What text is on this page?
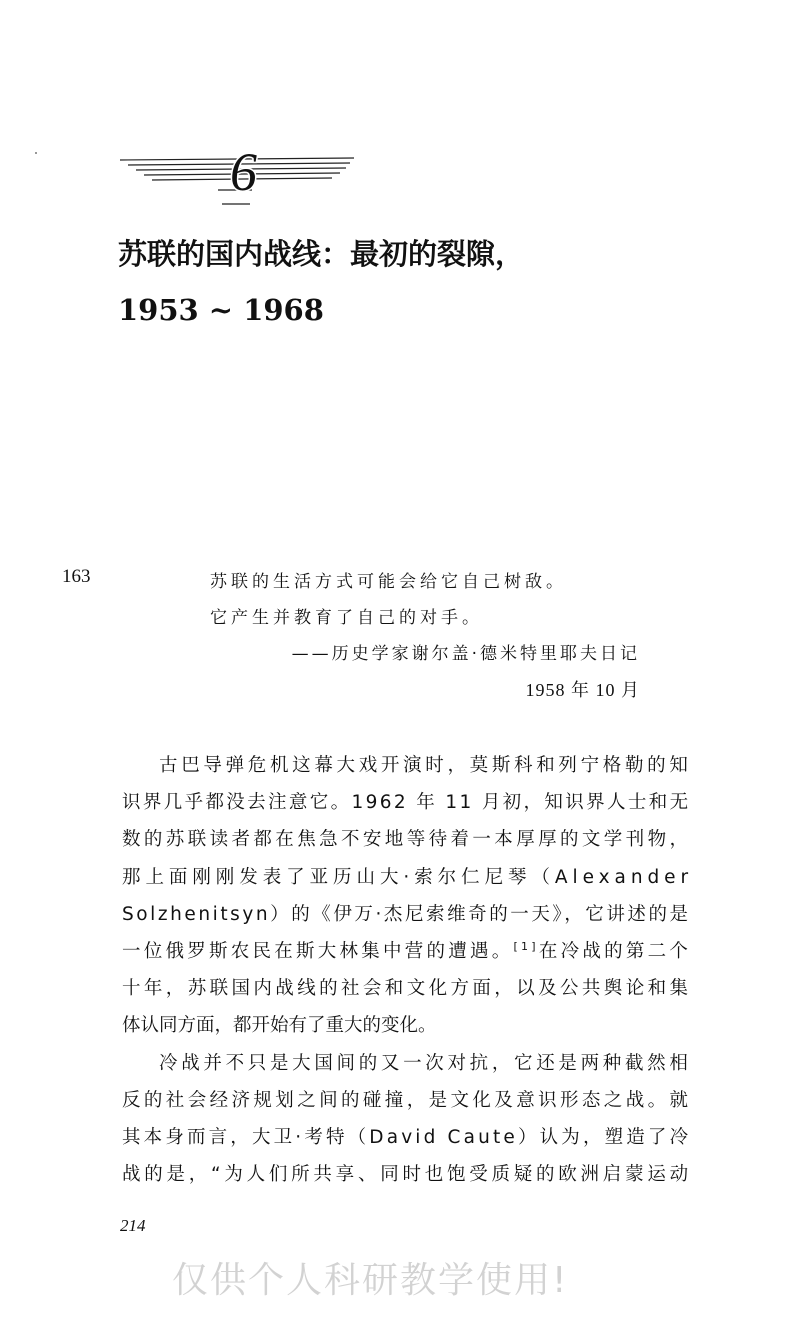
6
苏联的国内战线：最初的裂隙，
1953 ~ 1968
163	苏联的生活方式可能会给它自己树敌。
它产生并教育了自己的对手。
——历史学家谢尔盖·德米特里耶夫日记
1958 年 10 月
古巴导弹危机这幕大戏开演时，莫斯科和列宁格勒的知
识界几乎都没去注意它。1962 年 11 月初，知识界人士和无
数的苏联读者都在焦急不安地等待着一本厚厚的文学刊物，
那上面刚刚发表了亚历山大·索尔仁尼琴（Alexander
Solzhenitsyn）的《伊万·杰尼索维奇的一天》，它讲述的是
一位俄罗斯农民在斯大林集中营的遭遇。[1]在冷战的第二个
十年，苏联国内战线的社会和文化方面，以及公共舆论和集
体认同方面，都开始有了重大的变化。
冷战并不只是大国间的又一次对抗，它还是两种截然相
反的社会经济规划之间的碰撞，是文化及意识形态之战。就
其本身而言，大卫·考特（David Caute）认为，塑造了冷
战的是，“为人们所共享、同时也饱受质疑的欧洲启蒙运动
214
仅供个人科研教学使用!
